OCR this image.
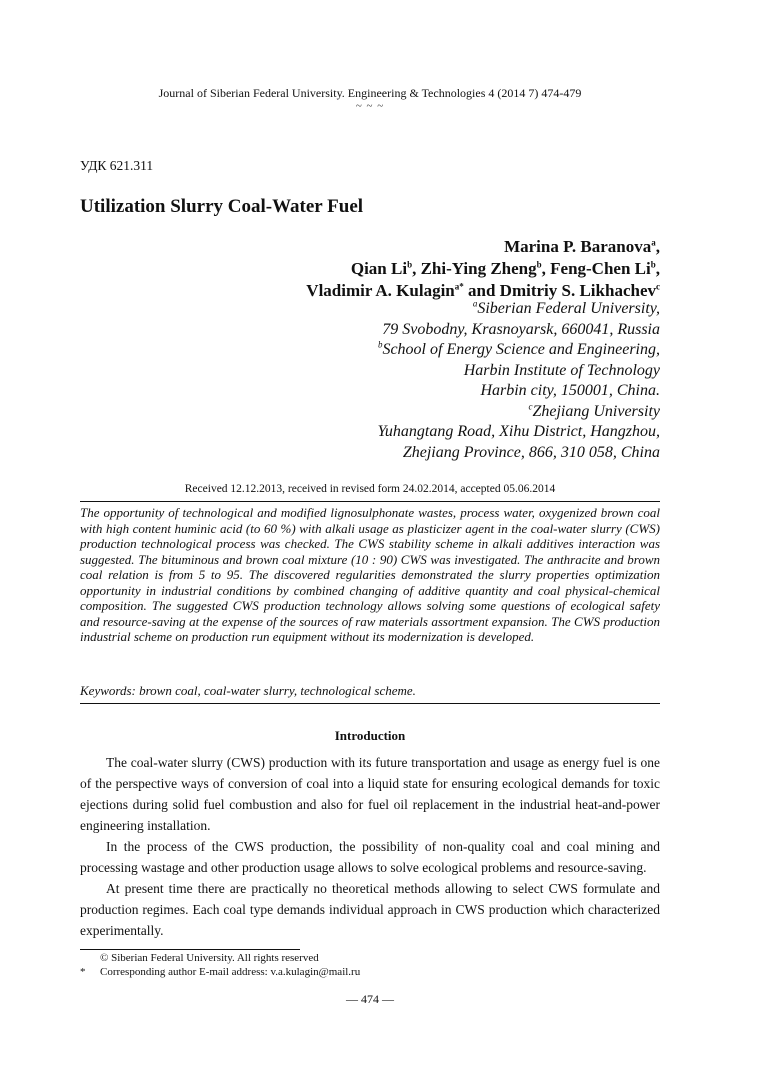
Journal of Siberian Federal University. Engineering & Technologies 4 (2014 7) 474-479
~ ~ ~
УДК 621.311
Utilization Slurry Coal-Water Fuel
Marina P. Baranova$^a$,
Qian Li$^b$, Zhi-Ying Zheng$^b$, Feng-Chen Li$^b$,
Vladimir A. Kulagin$^{a*}$ and Dmitriy S. Likhachev$^c$
$^a$Siberian Federal University,
79 Svobodny, Krasnoyarsk, 660041, Russia
$^b$School of Energy Science and Engineering,
Harbin Institute of Technology
Harbin city, 150001, China.
$^c$Zhejiang University
Yuhangtang Road, Xihu District, Hangzhou,
Zhejiang Province, 866, 310 058, China
Received 12.12.2013, received in revised form 24.02.2014, accepted 05.06.2014

The opportunity of technological and modified lignosulphonate wastes, process water, oxygenized brown coal with high content huminic acid (to 60 %) with alkali usage as plasticizer agent in the coal-water slurry (CWS) production technological process was checked. The CWS stability scheme in alkali additives interaction was suggested. The bituminous and brown coal mixture (10 : 90) CWS was investigated. The anthracite and brown coal relation is from 5 to 95. The discovered regularities demonstrated the slurry properties optimization opportunity in industrial conditions by combined changing of additive quantity and coal physical-chemical composition. The suggested CWS production technology allows solving some questions of ecological safety and resource-saving at the expense of the sources of raw materials assortment expansion. The CWS production industrial scheme on production run equipment without its modernization is developed.

Keywords: brown coal, coal-water slurry, technological scheme.
Introduction

The coal-water slurry (CWS) production with its future transportation and usage as energy fuel is one of the perspective ways of conversion of coal into a liquid state for ensuring ecological demands for toxic ejections during solid fuel combustion and also for fuel oil replacement in the industrial heat-and-power engineering installation.

In the process of the CWS production, the possibility of non-quality coal and coal mining and processing wastage and other production usage allows to solve ecological problems and resource-saving.

At present time there are practically no theoretical methods allowing to select CWS formulate and production regimes. Each coal type demands individual approach in CWS production which characterized experimentally.

© Siberian Federal University. All rights reserved
* Corresponding author E-mail address: v.a.kulagin@mail.ru
— 474 —
